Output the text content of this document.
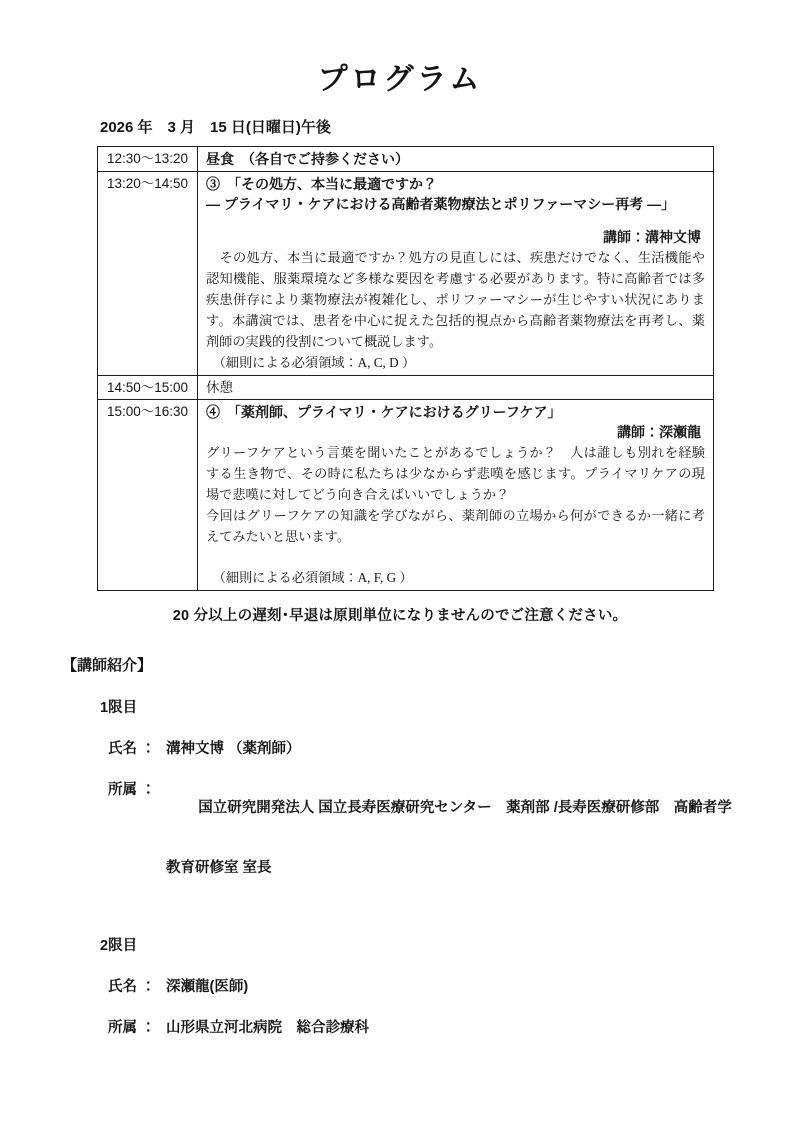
プログラム
2026 年　3 月　15 日(日曜日)午後
12:30～13:20	昼食　（各自でご持参ください）

13:20～14:50	③　「その処方、本当に最適ですか？
― プライマリ・ケアにおける高齢者薬物療法とポリファーマシー再考 ―」
講師：溝神文博
　その処方、本当に最適ですか？処方の見直しには、疾患だけでなく、生活機能や認知機能、服薬環境など多様な要因を考慮する必要があります。特に高齢者では多疾患併存により薬物療法が複雑化し、ポリファーマシーが生じやすい状況にあります。本講演では、患者を中心に捉えた包括的視点から高齢者薬物療法を再考し、薬剤師の実践的役割について概説します。
　（細則による必須領域：A, C, D ）

14:50～15:00	休憩

15:00～16:30	④　「薬剤師、プライマリ・ケアにおけるグリーフケア」
講師：深瀬龍
グリーフケアという言葉を聞いたことがあるでしょうか？　人は誰しも別れを経験する生き物で、その時に私たちは少なからず悲嘆を感じます。プライマリケアの現場で悲嘆に対してどう向き合えばいいでしょうか？
今回はグリーフケアの知識を学びながら、薬剤師の立場から何ができるか一緒に考えてみたいと思います。
　（細則による必須領域：A, F, G ）
20 分以上の遅刻･早退は原則単位になりませんのでご注意ください。
【講師紹介】
1限目
氏名 ： 溝神文博 （薬剤師）
所属 ：

国立研究開発法人 国立長寿医療研究センター　薬剤部 /長寿医療研修部　高齢者学

教育研修室 室長

2限目
氏名 ： 深瀬龍(医師)
所属 ： 山形県立河北病院　総合診療科
